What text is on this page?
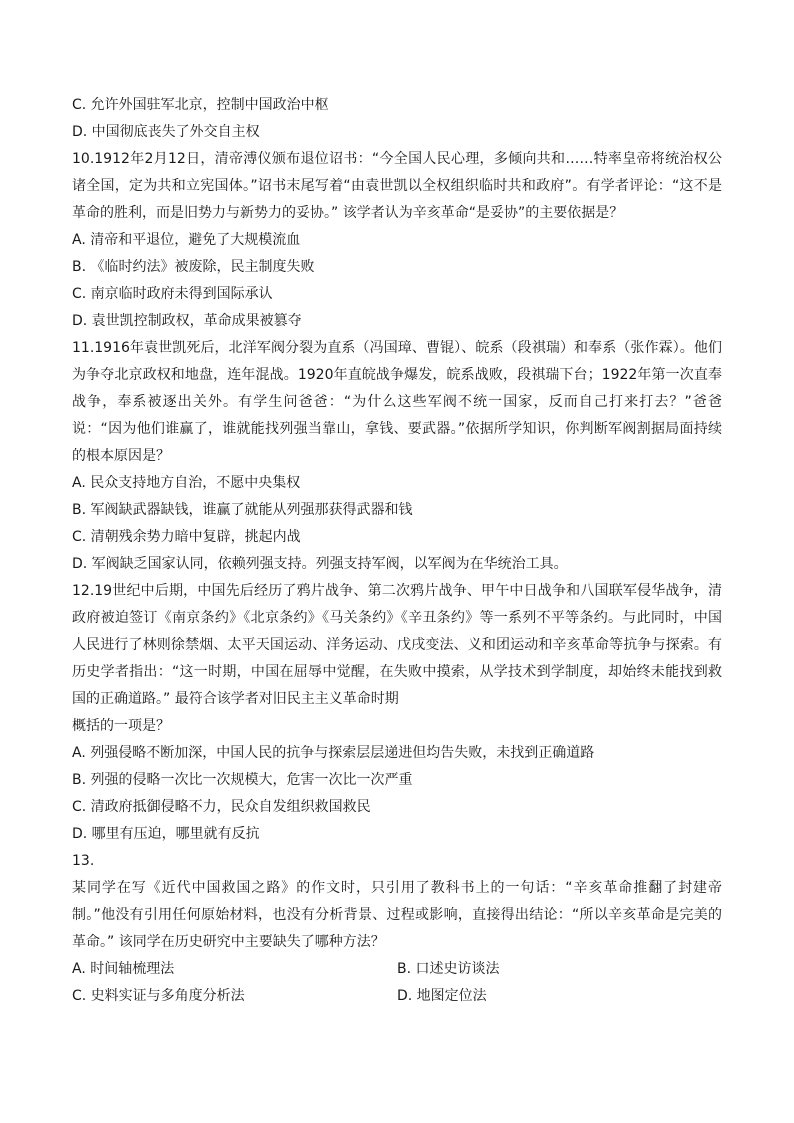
C. 允许外国驻军北京，控制中国政治中枢
D. 中国彻底丧失了外交自主权
10.1912年2月12日，清帝溥仪颁布退位诏书：“今全国人民心理，多倾向共和……特率皇帝将统治权公诸全国，定为共和立宪国体。”诏书末尾写着“由袁世凯以全权组织临时共和政府”。有学者评论：“这不是革命的胜利，而是旧势力与新势力的妥协。” 该学者认为辛亥革命“是妥协”的主要依据是？
A. 清帝和平退位，避免了大规模流血
B. 《临时约法》被废除，民主制度失败
C. 南京临时政府未得到国际承认
D. 袁世凯控制政权，革命成果被篡夺
11.1916年袁世凯死后，北洋军阀分裂为直系（冯国璋、曹锟）、皖系（段祺瑞）和奉系（张作霖）。他们为争夺北京政权和地盘，连年混战。1920年直皖战争爆发，皖系战败，段祺瑞下台；1922年第一次直奉战争，奉系被逐出关外。有学生问爸爸：“为什么这些军阀不统一国家，反而自己打来打去？”爸爸说：“因为他们谁赢了，谁就能找列强当靠山，拿钱、要武器。”依据所学知识，你判断军阀割据局面持续的根本原因是？
A. 民众支持地方自治，不愿中央集权
B. 军阀缺武器缺钱，谁赢了就能从列强那获得武器和钱
C. 清朝残余势力暗中复辟，挑起内战
D. 军阀缺乏国家认同，依赖列强支持。列强支持军阀，以军阀为在华统治工具。
12.19世纪中后期，中国先后经历了鸦片战争、第二次鸦片战争、甲午中日战争和八国联军侵华战争，清政府被迫签订《南京条约》《北京条约》《马关条约》《辛丑条约》等一系列不平等条约。与此同时，中国人民进行了林则徐禁烟、太平天国运动、洋务运动、戊戌变法、义和团运动和辛亥革命等抗争与探索。有历史学者指出：“这一时期，中国在屈辱中觉醒，在失败中摸索，从学技术到学制度，却始终未能找到救国的正确道路。” 最符合该学者对旧民主主义革命时期
概括的一项是？
A. 列强侵略不断加深，中国人民的抗争与探索层层递进但均告失败，未找到正确道路
B. 列强的侵略一次比一次规模大，危害一次比一次严重
C. 清政府抵御侵略不力，民众自发组织救国救民
D. 哪里有压迫，哪里就有反抗
13.
某同学在写《近代中国救国之路》的作文时，只引用了教科书上的一句话：“辛亥革命推翻了封建帝制。”他没有引用任何原始材料，也没有分析背景、过程或影响，直接得出结论：“所以辛亥革命是完美的革命。” 该同学在历史研究中主要缺失了哪种方法？
A. 时间轴梳理法	B. 口述史访谈法
C. 史料实证与多角度分析法	D. 地图定位法
